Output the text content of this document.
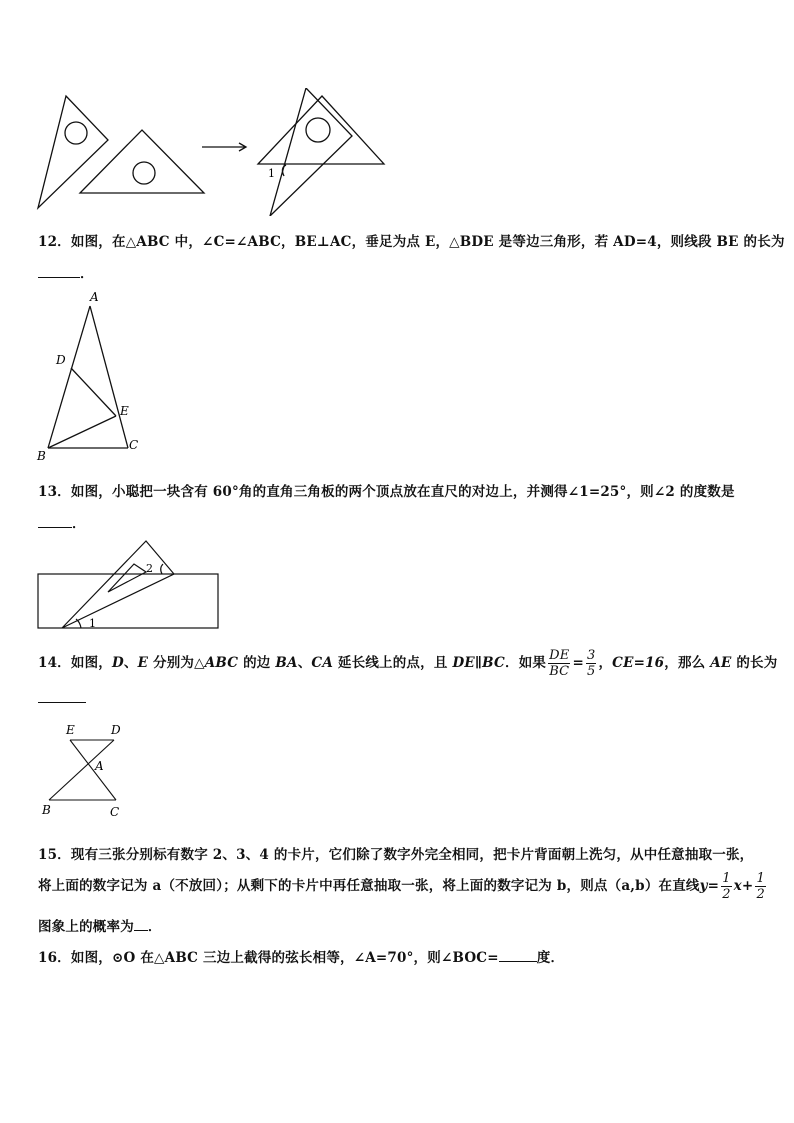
1
12．如图，在△ABC 中，∠C=∠ABC，BE⊥AC，垂足为点 E，△BDE 是等边三角形，若 AD=4，则线段 BE 的长为
．
A
D
E
B
C
13．如图，小聪把一块含有 60°角的直角三角板的两个顶点放在直尺的对边上，并测得∠1=25°，则∠2 的度数是
．
1
2
14．如图，D、E 分别为△ABC 的边 BA、CA 延长线上的点，且 DE∥BC．如果 $\frac{DE}{BC} = \frac{3}{5}$ ，CE=16，那么 AE 的长为
E	D
A
B	C
15．现有三张分别标有数字 2、3、4 的卡片，它们除了数字外完全相同，把卡片背面朝上洗匀，从中任意抽取一张，
将上面的数字记为 a（不放回）；从剩下的卡片中再任意抽取一张，将上面的数字记为 b，则点（a,b）在直线$y= \frac{1}{2} x+ \frac{1}{2}$
图象上的概率为 ．
16．如图，⊙O 在△ABC 三边上截得的弦长相等，∠A=70°，则∠BOC=	度．
